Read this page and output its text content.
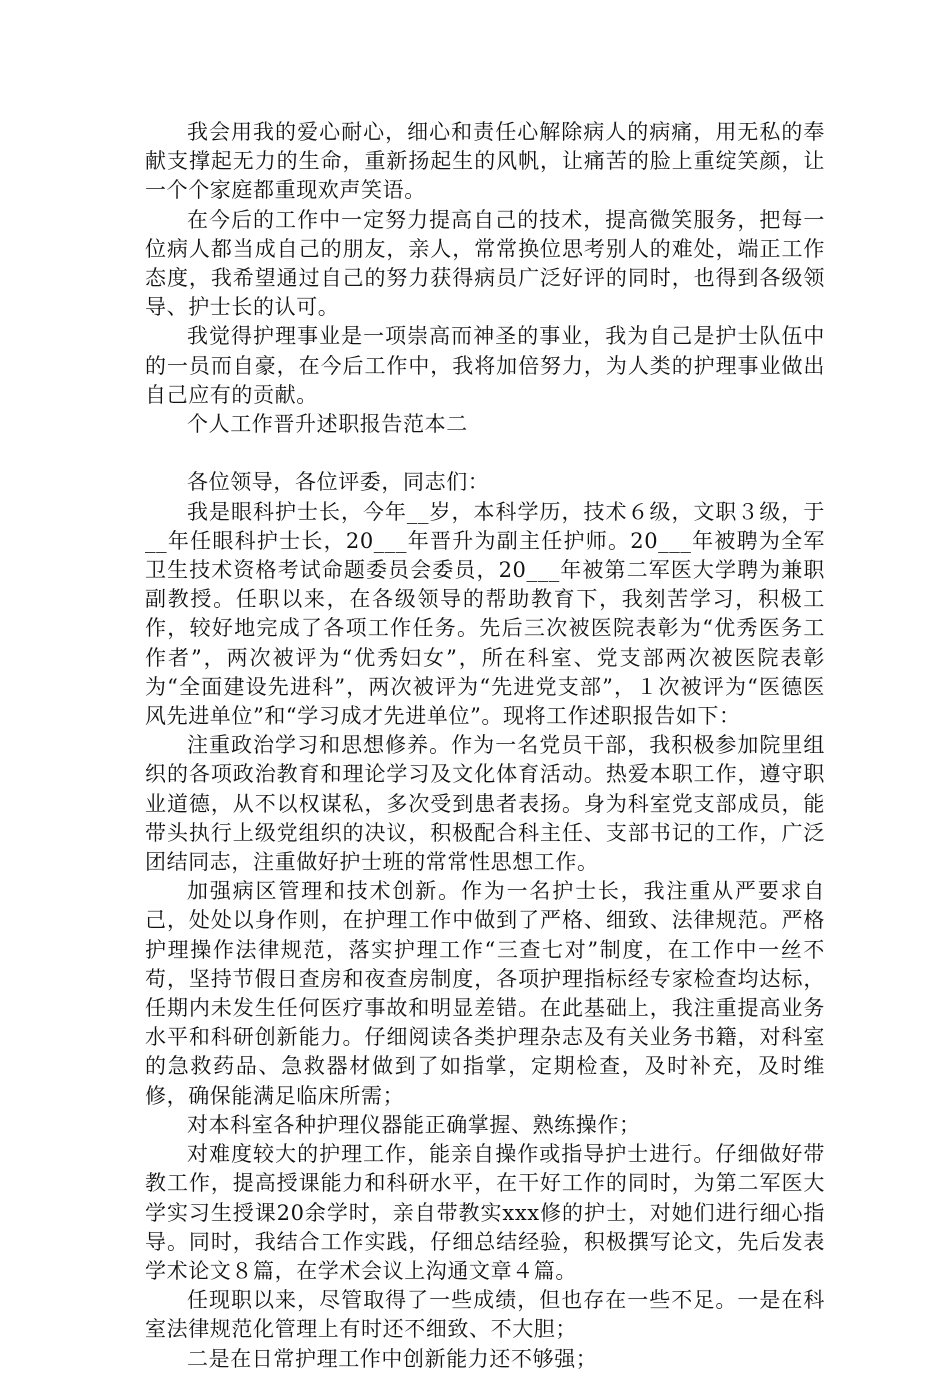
我会用我的爱心耐心，细心和责任心解除病人的病痛，用无私的奉献支撑起无力的生命，重新扬起生的风帆，让痛苦的脸上重绽笑颜，让一个个家庭都重现欢声笑语。

在今后的工作中一定努力提高自己的技术，提高微笑服务，把每一位病人都当成自己的朋友，亲人，常常换位思考别人的难处，端正工作态度，我希望通过自己的努力获得病员广泛好评的同时，也得到各级领导、护士长的认可。

我觉得护理事业是一项崇高而神圣的事业，我为自己是护士队伍中的一员而自豪，在今后工作中，我将加倍努力，为人类的护理事业做出自己应有的贡献。

个人工作晋升述职报告范本二

各位领导，各位评委，同志们：

我是眼科护士长，今年__岁，本科学历，技术６级，文职３级，于__年任眼科护士长，20___年晋升为副主任护师。20___年被聘为全军卫生技术资格考试命题委员会委员，20___年被第二军医大学聘为兼职副教授。任职以来，在各级领导的帮助教育下，我刻苦学习，积极工作，较好地完成了各项工作任务。先后三次被医院表彰为“优秀医务工作者”，两次被评为“优秀妇女”，所在科室、党支部两次被医院表彰为“全面建设先进科”，两次被评为“先进党支部”，１次被评为“医德医风先进单位”和“学习成才先进单位”。现将工作述职报告如下：

注重政治学习和思想修养。作为一名党员干部，我积极参加院里组织的各项政治教育和理论学习及文化体育活动。热爱本职工作，遵守职业道德，从不以权谋私，多次受到患者表扬。身为科室党支部成员，能带头执行上级党组织的决议，积极配合科主任、支部书记的工作，广泛团结同志，注重做好护士班的常常性思想工作。

加强病区管理和技术创新。作为一名护士长，我注重从严要求自己，处处以身作则，在护理工作中做到了严格、细致、法律规范。严格护理操作法律规范，落实护理工作“三查七对”制度，在工作中一丝不苟，坚持节假日查房和夜查房制度，各项护理指标经专家检查均达标，任期内未发生任何医疗事故和明显差错。在此基础上，我注重提高业务水平和科研创新能力。仔细阅读各类护理杂志及有关业务书籍，对科室的急救药品、急救器材做到了如指掌，定期检查，及时补充，及时维修，确保能满足临床所需；

对本科室各种护理仪器能正确掌握、熟练操作；

对难度较大的护理工作，能亲自操作或指导护士进行。仔细做好带教工作，提高授课能力和科研水平，在干好工作的同时，为第二军医大学实习生授课20余学时，亲自带教实xxx修的护士，对她们进行细心指导。同时，我结合工作实践，仔细总结经验，积极撰写论文，先后发表学术论文８篇，在学术会议上沟通文章４篇。

任现职以来，尽管取得了一些成绩，但也存在一些不足。一是在科室法律规范化管理上有时还不细致、不大胆；

二是在日常护理工作中创新能力还不够强；
